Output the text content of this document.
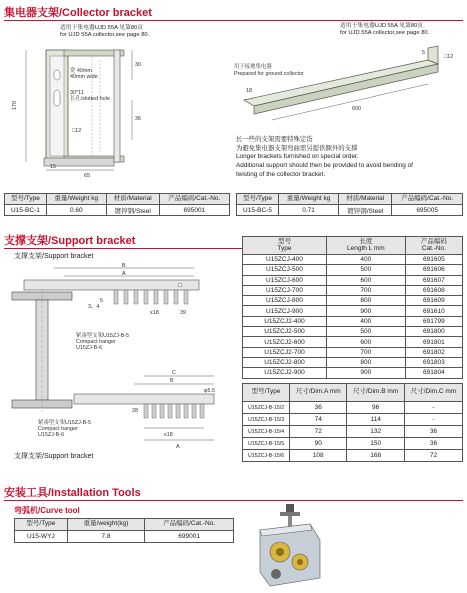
集电器支架/Collector bracket
适用于集电器UJD 55A 见第80页
for UJD 55A collector,see page 80.
170
30
36
宽 40mm
40mm wide
30*11
长孔/slotted hole
□12
15
65
适用于集电器UJD 55A 见第80页
for UJD 55A collector,see page 80.
600
18
5
□12
用于接地集电器
Prepared for ground collector
长一些的支架需要特殊定货
为避免集电器支架弯曲需另提供额外的支撑
Longer brackets furnished on special order.
Additional support should then be provided to avoid bending of
twisting of the collector bracket.
型号/Type	重量/Weight kg	材质/Material	产品编码/Cat.-No.
U15-BC-1	0.60	镀锌钢/Steel	695001
型号/Type	重量/Weight kg	材质/Material	产品编码/Cat.-No.
U15-BC-5	0.71	镀锌钢/Steel	695005
支撑支架/Support bracket
支撑支架/Support bracket
B
A
x18	39
3、4
5
紧凑型支架U15ZJ-B-5
Compact hanger
U15ZJ-B-6
C
B
φ5.5
28
紧凑型支架U15ZJ-B-5
Compact hanger
U15ZJ-B-6	x18
A
支撑支架/Support bracket
型号
Type	长度
Length L mm	产品编码
Cat.-No.
U15ZCJ-400	400	691605
U15ZCJ-500	500	691606
U15ZCJ-600	600	691607
U15ZCJ-700	700	691608
U15ZCJ-800	800	691609
U15ZCJ-900	900	691610
U15ZCJ2-400	400	691799
U15ZCJ2-500	500	691800
U15ZCJ2-600	600	691801
U15ZCJ2-700	700	691802
U15ZCJ2-800	800	691803
U15ZCJ2-900	900	691804
型号/Type	尺寸/Dim.A mm	尺寸/Dim.B mm	尺寸/Dim.C mm
U15ZCJ-B-15/2	36	96	-
U15ZCJ-B-15/3	74	114	-
U15ZCJ-B-15/4	72	132	36
U15ZCJ-B-15/5	90	150	36
U15ZCJ-B-15/6	108	168	72
安装工具/Installation Tools
弯弧机/Curve tool
型号/Type	重量/weight(kg)	产品编码/Cat.-No.
U15-WYJ	7.8	699001
